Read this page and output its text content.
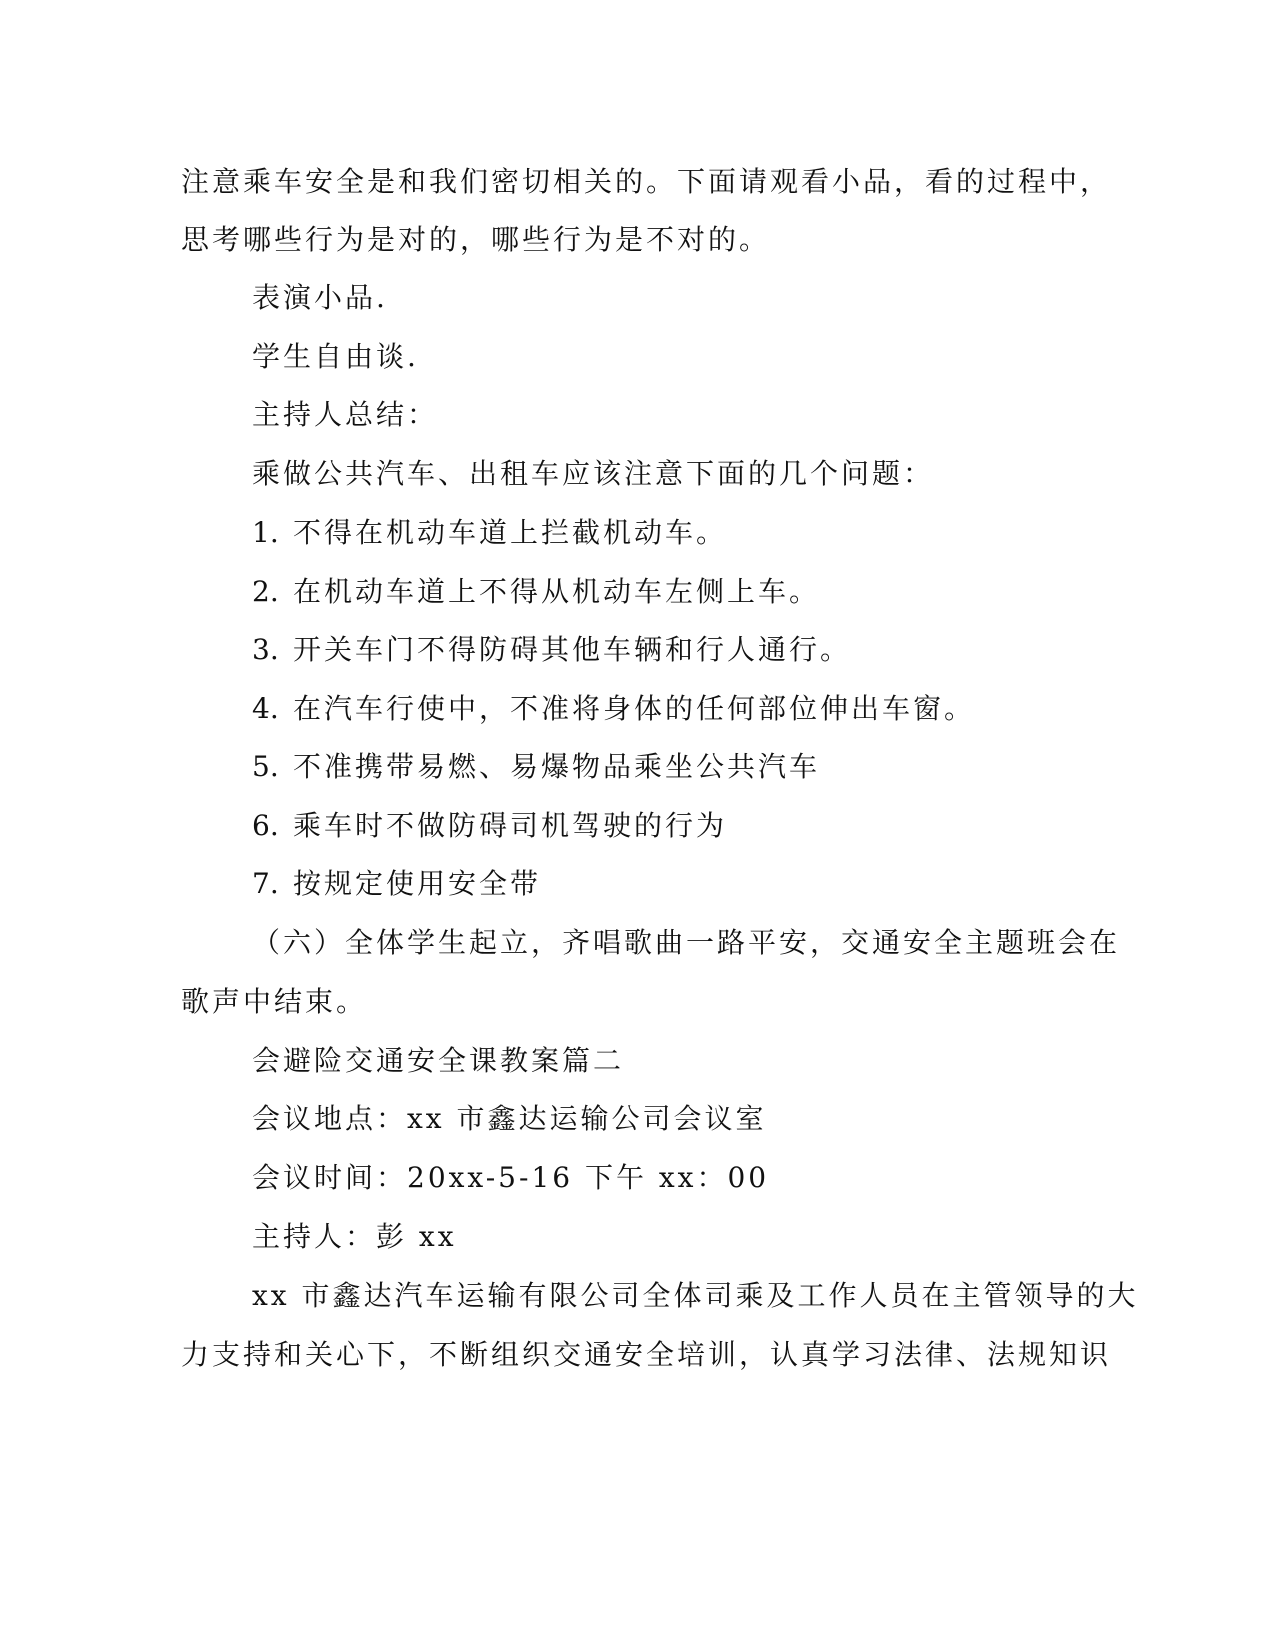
注意乘车安全是和我们密切相关的。下面请观看小品，看的过程中，

思考哪些行为是对的，哪些行为是不对的。

表演小品.

学生自由谈.

主持人总结：

乘做公共汽车、出租车应该注意下面的几个问题：

1. 不得在机动车道上拦截机动车。

2. 在机动车道上不得从机动车左侧上车。

3. 开关车门不得防碍其他车辆和行人通行。

4. 在汽车行使中，不准将身体的任何部位伸出车窗。

5. 不准携带易燃、易爆物品乘坐公共汽车

6. 乘车时不做防碍司机驾驶的行为

7. 按规定使用安全带

（六）全体学生起立，齐唱歌曲一路平安，交通安全主题班会在

歌声中结束。

会避险交通安全课教案篇二

会议地点：xx 市鑫达运输公司会议室

会议时间：20xx-5-16 下午 xx：00

主持人：彭 xx

xx 市鑫达汽车运输有限公司全体司乘及工作人员在主管领导的大

力支持和关心下，不断组织交通安全培训，认真学习法律、法规知识
